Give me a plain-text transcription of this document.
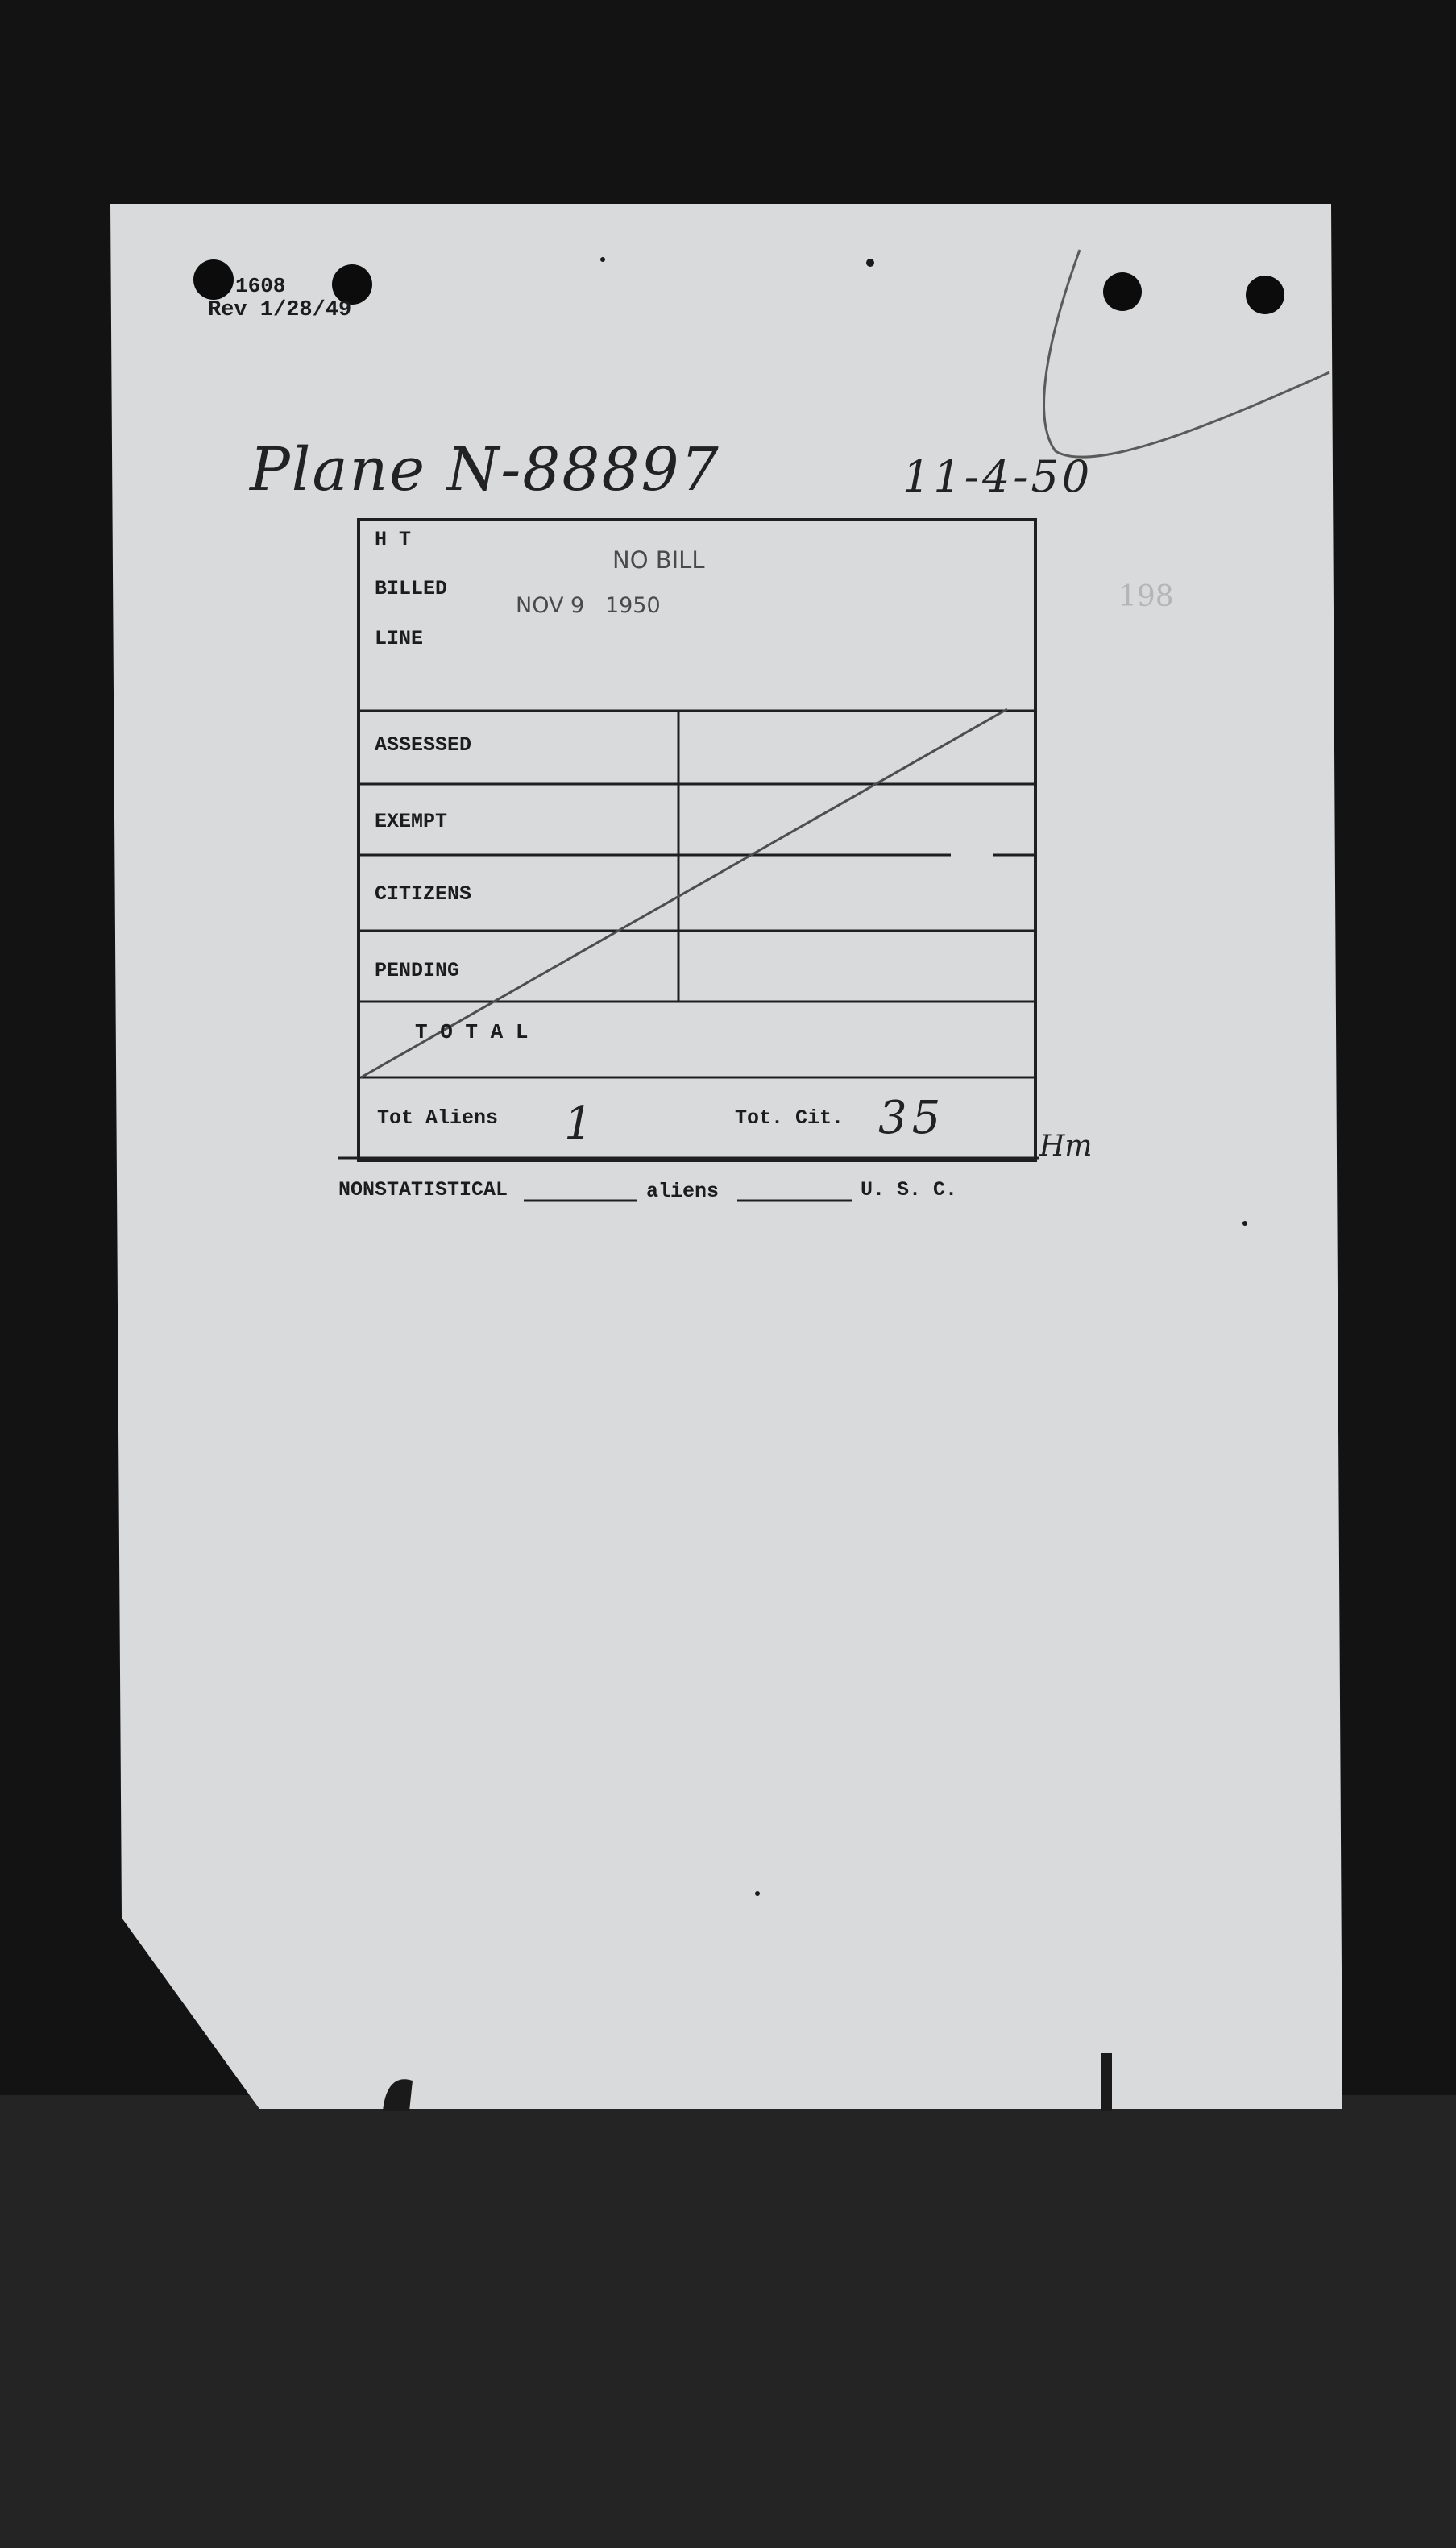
1608
Rev 1/28/49
Plane N-88897	11-4-50
NO BILL
NOV 9   1950	198
H T
BILLED
LINE
ASSESSED
EXEMPT
CITIZENS
PENDING
T O T A L
Tot Aliens 1	Tot. Cit. 35
Hm
NONSTATISTICAL	aliens	U. S. C.
